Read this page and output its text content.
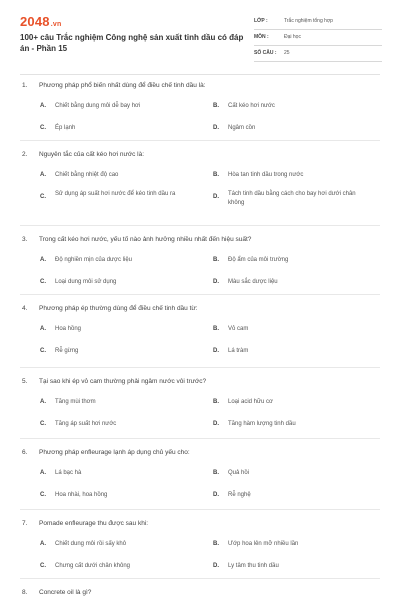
2048.vn
100+ câu Trắc nghiệm Công nghệ sản xuất tinh dầu có đáp án - Phần 15
LỚP :	Trắc nghiệm tổng hợp
MÔN :	Đại học
SỐ CÂU : 25
1. Phương pháp phổ biến nhất dùng để điều chế tinh dầu là:
A. Chiết bằng dung môi dễ bay hơi	B. Cất kéo hơi nước
C. Ép lạnh	D. Ngâm cồn
2. Nguyên tắc của cất kéo hơi nước là:
A. Chiết bằng nhiệt độ cao	B. Hòa tan tinh dầu trong nước
C. Sử dụng áp suất hơi nước để kéo tinh dầu ra	D. Tách tinh dầu bằng cách cho bay hơi dưới chân không
3. Trong cất kéo hơi nước, yếu tố nào ảnh hưởng nhiều nhất đến hiệu suất?
A. Độ nghiền mịn của dược liệu	B. Độ ẩm của môi trường
C. Loại dung môi sử dụng	D. Màu sắc dược liệu
4. Phương pháp ép thường dùng để điều chế tinh dầu từ:
A. Hoa hồng	B. Vỏ cam
C. Rễ gừng	D. Lá tràm
5. Tại sao khi ép vỏ cam thường phải ngâm nước vôi trước?
A. Tăng mùi thơm	B. Loại acid hữu cơ
C. Tăng áp suất hơi nước	D. Tăng hàm lượng tinh dầu
6. Phương pháp enfleurage lạnh áp dụng chủ yếu cho:
A. Lá bạc hà	B. Quả hồi
C. Hoa nhài, hoa hồng	D. Rễ nghệ
7. Pomade enfleurage thu được sau khi:
A. Chiết dung môi rồi sấy khô	B. Ướp hoa lên mỡ nhiều lần
C. Chưng cất dưới chân không	D. Ly tâm thu tinh dầu
8. Concrete oil là gì?
